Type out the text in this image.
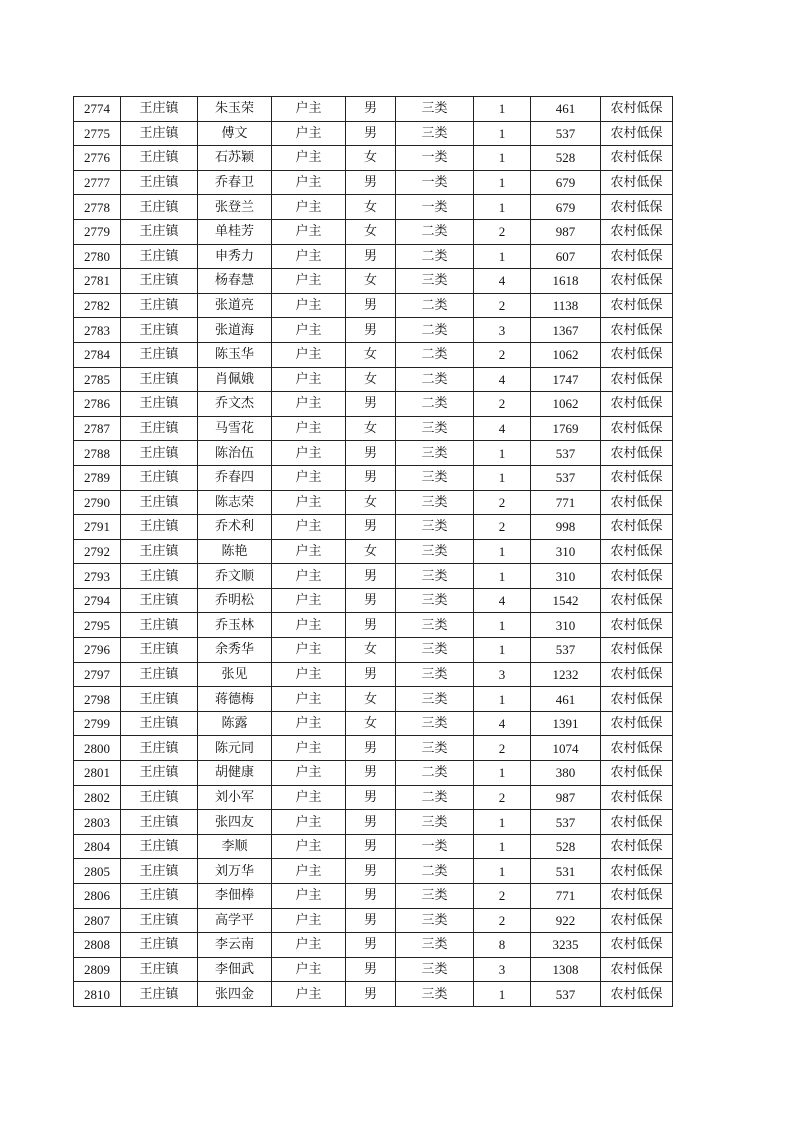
2774	王庄镇	朱玉荣	户主	男	三类	1	461	农村低保
2775	王庄镇	傅文	户主	男	三类	1	537	农村低保
2776	王庄镇	石苏颖	户主	女	一类	1	528	农村低保
2777	王庄镇	乔春卫	户主	男	一类	1	679	农村低保
2778	王庄镇	张登兰	户主	女	一类	1	679	农村低保
2779	王庄镇	单桂芳	户主	女	二类	2	987	农村低保
2780	王庄镇	申秀力	户主	男	二类	1	607	农村低保
2781	王庄镇	杨春慧	户主	女	三类	4	1618	农村低保
2782	王庄镇	张道亮	户主	男	二类	2	1138	农村低保
2783	王庄镇	张道海	户主	男	二类	3	1367	农村低保
2784	王庄镇	陈玉华	户主	女	二类	2	1062	农村低保
2785	王庄镇	肖佩娥	户主	女	二类	4	1747	农村低保
2786	王庄镇	乔文杰	户主	男	二类	2	1062	农村低保
2787	王庄镇	马雪花	户主	女	三类	4	1769	农村低保
2788	王庄镇	陈治伍	户主	男	三类	1	537	农村低保
2789	王庄镇	乔春四	户主	男	三类	1	537	农村低保
2790	王庄镇	陈志荣	户主	女	三类	2	771	农村低保
2791	王庄镇	乔术利	户主	男	三类	2	998	农村低保
2792	王庄镇	陈艳	户主	女	三类	1	310	农村低保
2793	王庄镇	乔文顺	户主	男	三类	1	310	农村低保
2794	王庄镇	乔明松	户主	男	三类	4	1542	农村低保
2795	王庄镇	乔玉林	户主	男	三类	1	310	农村低保
2796	王庄镇	余秀华	户主	女	三类	1	537	农村低保
2797	王庄镇	张见	户主	男	三类	3	1232	农村低保
2798	王庄镇	蒋德梅	户主	女	三类	1	461	农村低保
2799	王庄镇	陈露	户主	女	三类	4	1391	农村低保
2800	王庄镇	陈元同	户主	男	三类	2	1074	农村低保
2801	王庄镇	胡健康	户主	男	二类	1	380	农村低保
2802	王庄镇	刘小军	户主	男	二类	2	987	农村低保
2803	王庄镇	张四友	户主	男	三类	1	537	农村低保
2804	王庄镇	李顺	户主	男	一类	1	528	农村低保
2805	王庄镇	刘万华	户主	男	二类	1	531	农村低保
2806	王庄镇	李佃棒	户主	男	三类	2	771	农村低保
2807	王庄镇	高学平	户主	男	三类	2	922	农村低保
2808	王庄镇	李云南	户主	男	三类	8	3235	农村低保
2809	王庄镇	李佃武	户主	男	三类	3	1308	农村低保
2810	王庄镇	张四金	户主	男	三类	1	537	农村低保
